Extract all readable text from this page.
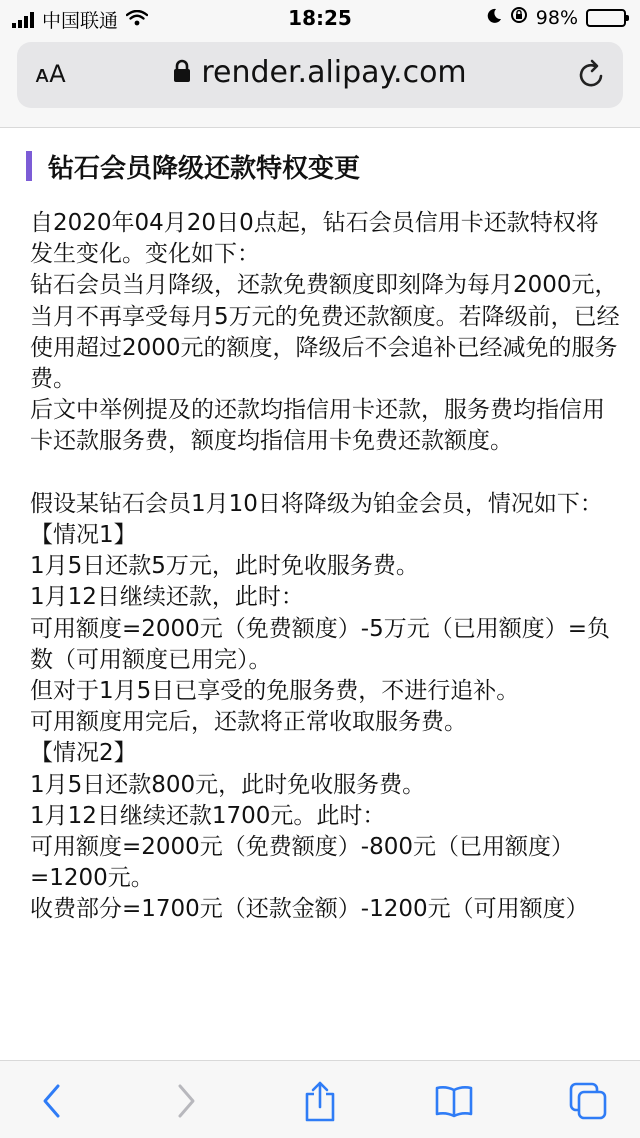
中国联通	18:25	98%
ᴀA	render.alipay.com
钻石会员降级还款特权变更

自2020年04月20日0点起，钻石会员信用卡还款特权将发生变化。变化如下：

钻石会员当月降级，还款免费额度即刻降为每月2000元，当月不再享受每月5万元的免费还款额度。若降级前，已经使用超过2000元的额度，降级后不会追补已经减免的服务费。

后文中举例提及的还款均指信用卡还款，服务费均指信用卡还款服务费，额度均指信用卡免费还款额度。

假设某钻石会员1月10日将降级为铂金会员，情况如下：

【情况1】

1月5日还款5万元，此时免收服务费。

1月12日继续还款，此时：

可用额度=2000元（免费额度）-5万元（已用额度）=负数（可用额度已用完）。

但对于1月5日已享受的免服务费，不进行追补。

可用额度用完后，还款将正常收取服务费。

【情况2】

1月5日还款800元，此时免收服务费。

1月12日继续还款1700元。此时：

可用额度=2000元（免费额度）-800元（已用额度）=1200元。

收费部分=1700元（还款金额）-1200元（可用额度）
